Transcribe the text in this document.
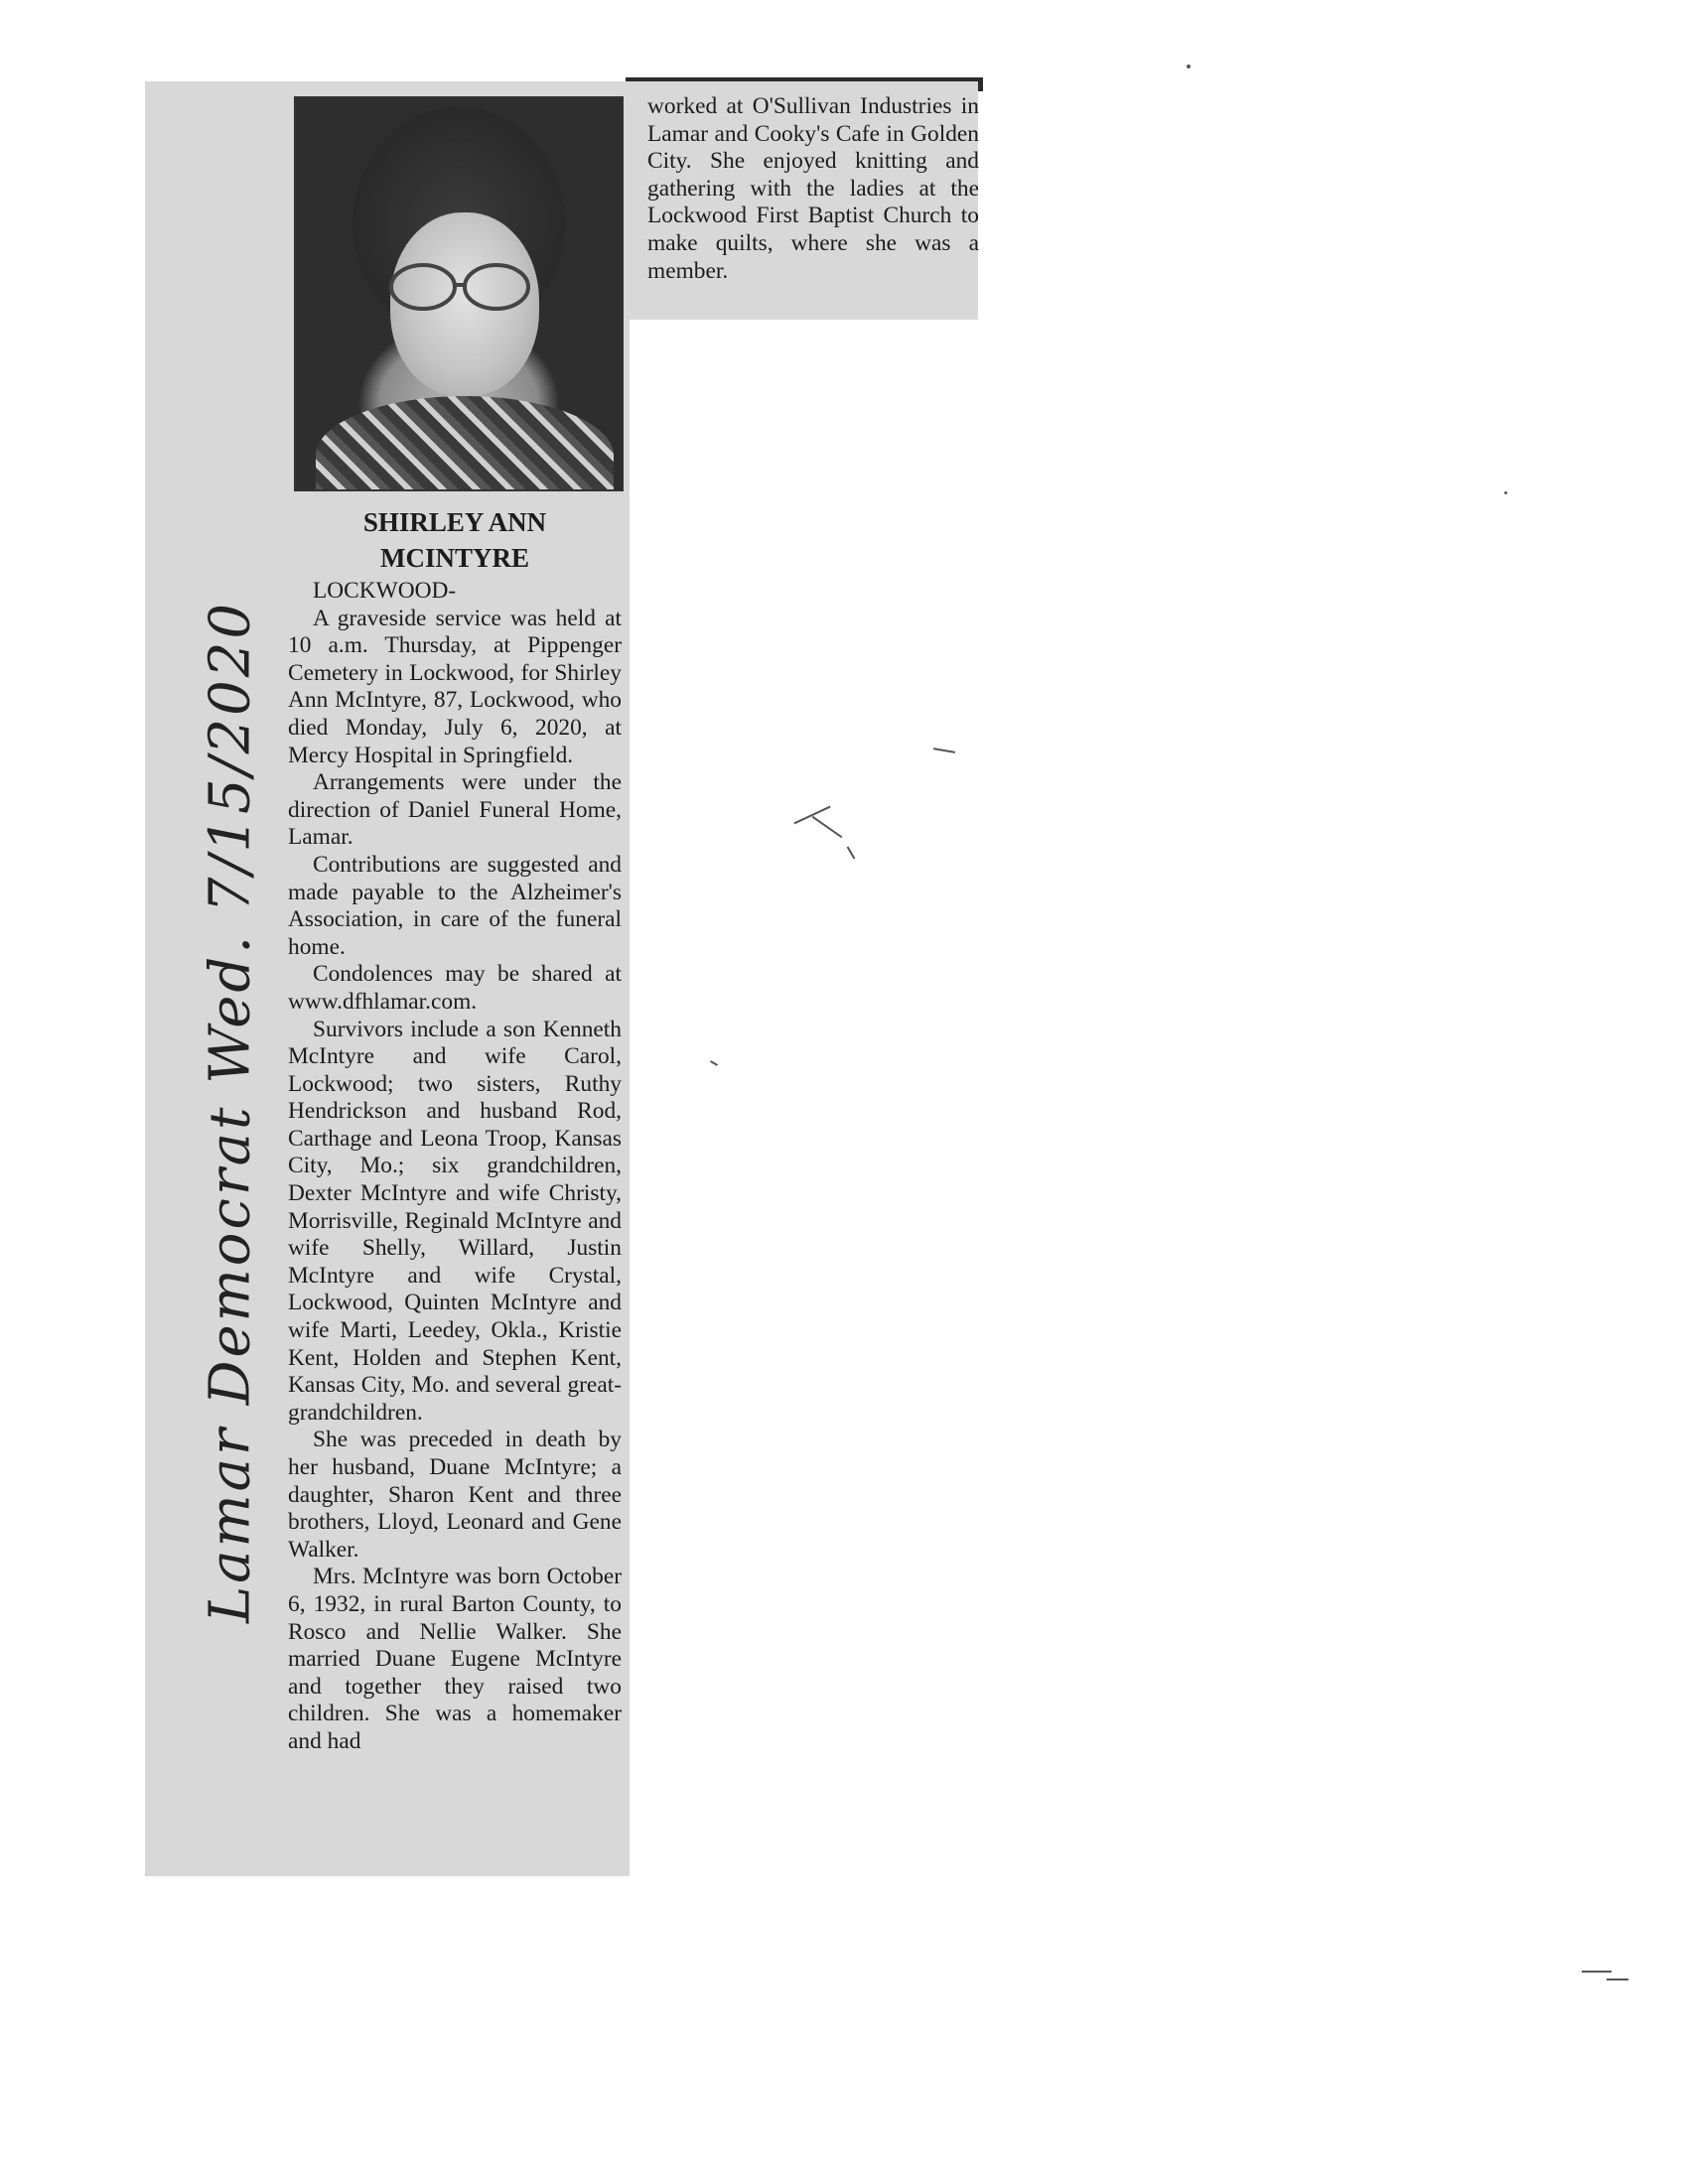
Lamar Democrat Wed. 7/15/2020
SHIRLEY ANN
MCINTYRE

LOCKWOOD-

A graveside service was held at 10 a.m. Thursday, at Pippenger Cemetery in Lockwood, for Shirley Ann McIntyre, 87, Lockwood, who died Monday, July 6, 2020, at Mercy Hospital in Springfield.

Arrangements were under the direction of Daniel Funeral Home, Lamar.

Contributions are suggested and made payable to the Alzheimer's Association, in care of the funeral home.

Condolences may be shared at www.dfhlamar.com.

Survivors include a son Kenneth McIntyre and wife Carol, Lockwood; two sisters, Ruthy Hendrickson and husband Rod, Carthage and Leona Troop, Kansas City, Mo.; six grandchildren, Dexter McIntyre and wife Christy, Morrisville, Reginald McIntyre and wife Shelly, Willard, Justin McIntyre and wife Crystal, Lockwood, Quinten McIntyre and wife Marti, Leedey, Okla., Kristie Kent, Holden and Stephen Kent, Kansas City, Mo. and several great-grandchildren.

She was preceded in death by her husband, Duane McIntyre; a daughter, Sharon Kent and three brothers, Lloyd, Leonard and Gene Walker.

Mrs. McIntyre was born October 6, 1932, in rural Barton County, to Rosco and Nellie Walker. She married Duane Eugene McIntyre and together they raised two children. She was a homemaker and had

worked at O'Sullivan Industries in Lamar and Cooky's Cafe in Golden City. She enjoyed knitting and gathering with the ladies at the Lockwood First Baptist Church to make quilts, where she was a member.
